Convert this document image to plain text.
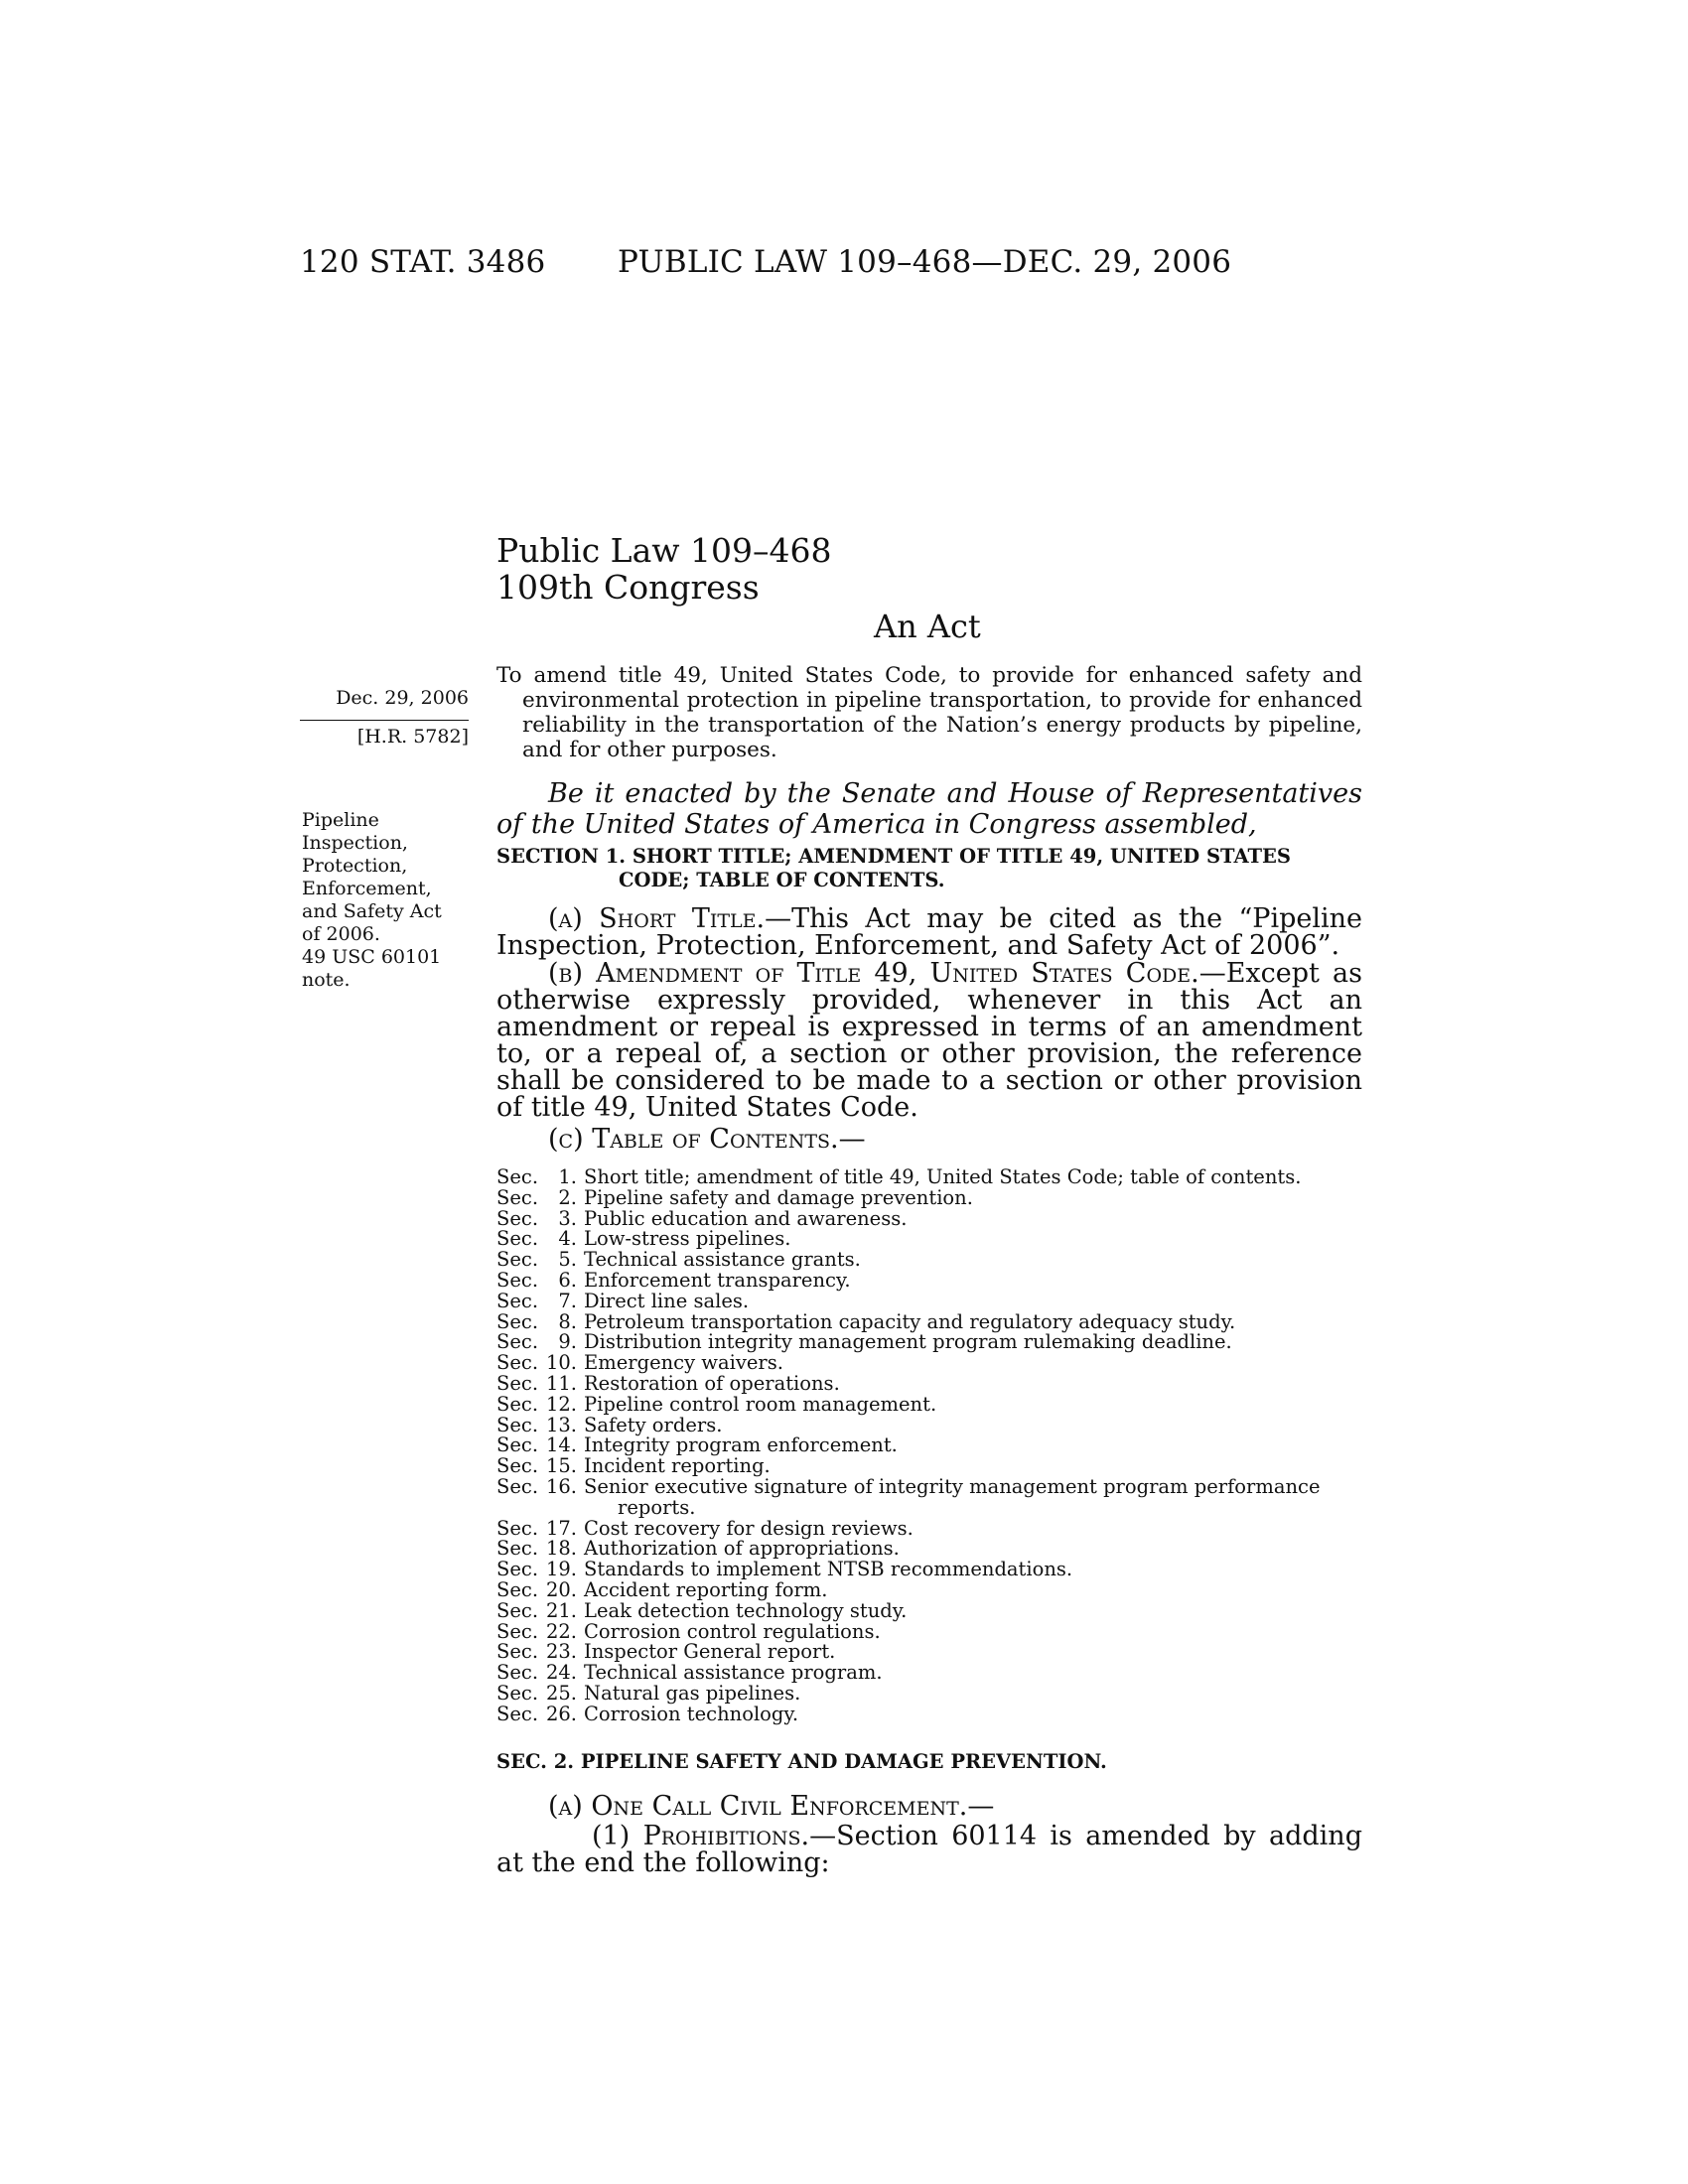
120 STAT. 3486 PUBLIC LAW 109–468—DEC. 29, 2006
Public Law 109–468
109th Congress
An Act
Dec. 29, 2006
[H.R. 5782]
To amend title 49, United States Code, to provide for enhanced safety and environmental protection in pipeline transportation, to provide for enhanced reliability in the transportation of the Nation’s energy products by pipeline, and for other purposes.
Pipeline
Inspection,
Protection,
Enforcement,
and Safety Act
of 2006.
49 USC 60101
note.
Be it enacted by the Senate and House of Representatives of the United States of America in Congress assembled,
SECTION 1. SHORT TITLE; AMENDMENT OF TITLE 49, UNITED STATES
CODE; TABLE OF CONTENTS.

(a) Short Title.—This Act may be cited as the “Pipeline Inspection, Protection, Enforcement, and Safety Act of 2006”.

(b) Amendment of Title 49, United States Code.—Except as otherwise expressly provided, whenever in this Act an amendment or repeal is expressed in terms of an amendment to, or a repeal of, a section or other provision, the reference shall be considered to be made to a section or other provision of title 49, United States Code.

(c) Table of Contents.—

Sec.	1. Short title; amendment of title 49, United States Code; table of contents.
Sec.	2. Pipeline safety and damage prevention.
Sec.	3. Public education and awareness.
Sec.	4. Low-stress pipelines.
Sec.	5. Technical assistance grants.
Sec.	6. Enforcement transparency.
Sec.	7. Direct line sales.
Sec.	8. Petroleum transportation capacity and regulatory adequacy study.
Sec.	9. Distribution integrity management program rulemaking deadline.
Sec. 10. Emergency waivers.
Sec. 11. Restoration of operations.
Sec. 12. Pipeline control room management.
Sec. 13. Safety orders.
Sec. 14. Integrity program enforcement.
Sec. 15. Incident reporting.
Sec. 16. Senior executive signature of integrity management program performance
reports.
Sec. 17. Cost recovery for design reviews.
Sec. 18. Authorization of appropriations.
Sec. 19. Standards to implement NTSB recommendations.
Sec. 20. Accident reporting form.
Sec. 21. Leak detection technology study.
Sec. 22. Corrosion control regulations.
Sec. 23. Inspector General report.
Sec. 24. Technical assistance program.
Sec. 25. Natural gas pipelines.
Sec. 26. Corrosion technology.
SEC. 2. PIPELINE SAFETY AND DAMAGE PREVENTION.

(a) One Call Civil Enforcement.—

(1) Prohibitions.—Section 60114 is amended by adding at the end the following:
